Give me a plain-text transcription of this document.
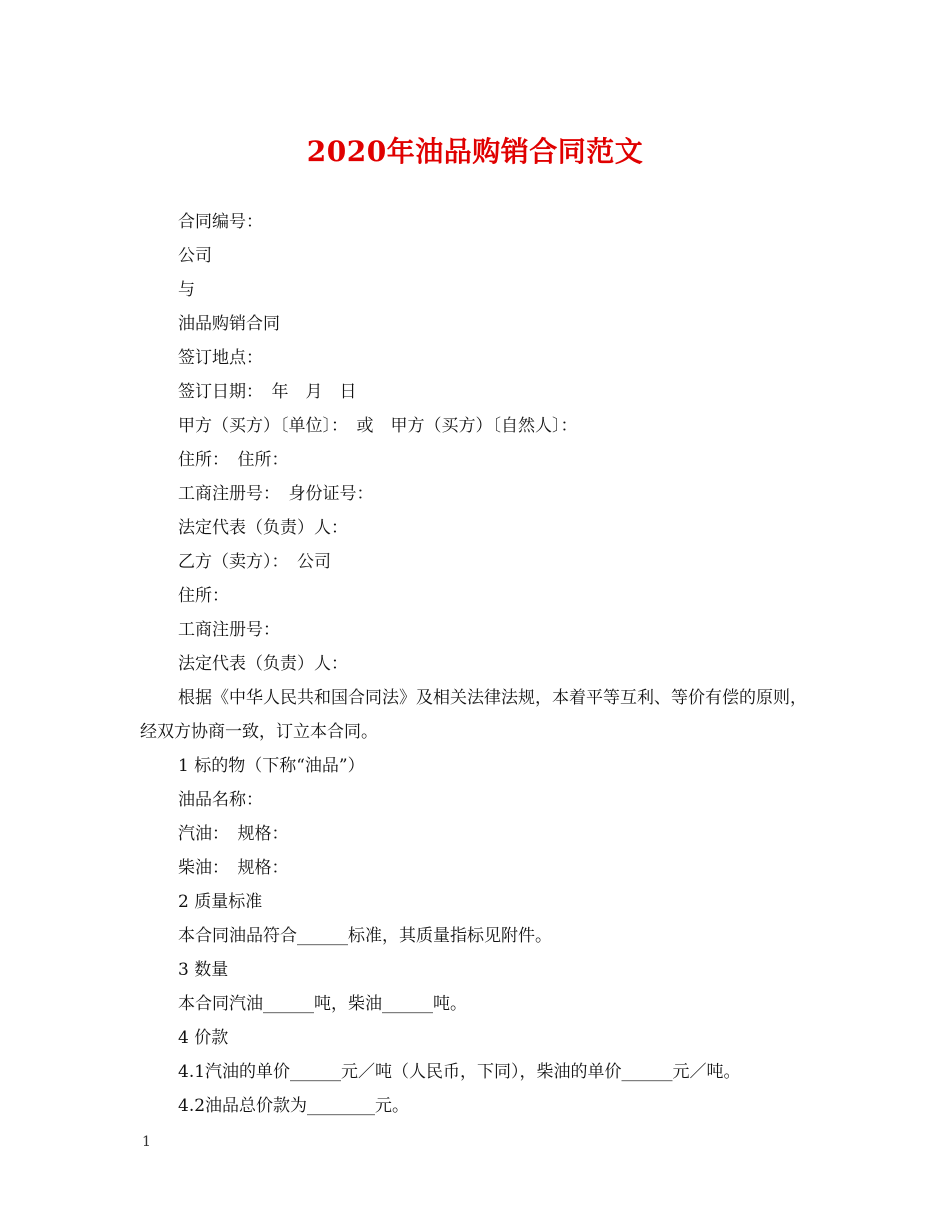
2020年油品购销合同范文
合同编号：
公司
与
油品购销合同
签订地点：
签订日期：　年　月　日
甲方（买方）〔单位〕：　或　甲方（买方）〔自然人〕：
住所：　住所：
工商注册号：　身份证号：
法定代表（负责）人：
乙方（卖方）：　公司
住所：
工商注册号：
法定代表（负责）人：
根据《中华人民共和国合同法》及相关法律法规，本着平等互利、等价有偿的原则，经双方协商一致，订立本合同。
1 标的物（下称“油品”）
油品名称：
汽油：　规格：
柴油：　规格：
2 质量标准
本合同油品符合______标准，其质量指标见附件。
3 数量
本合同汽油______吨，柴油______吨。
4 价款
4.1汽油的单价______元／吨（人民币，下同），柴油的单价______元／吨。
4.2油品总价款为________元。
1
